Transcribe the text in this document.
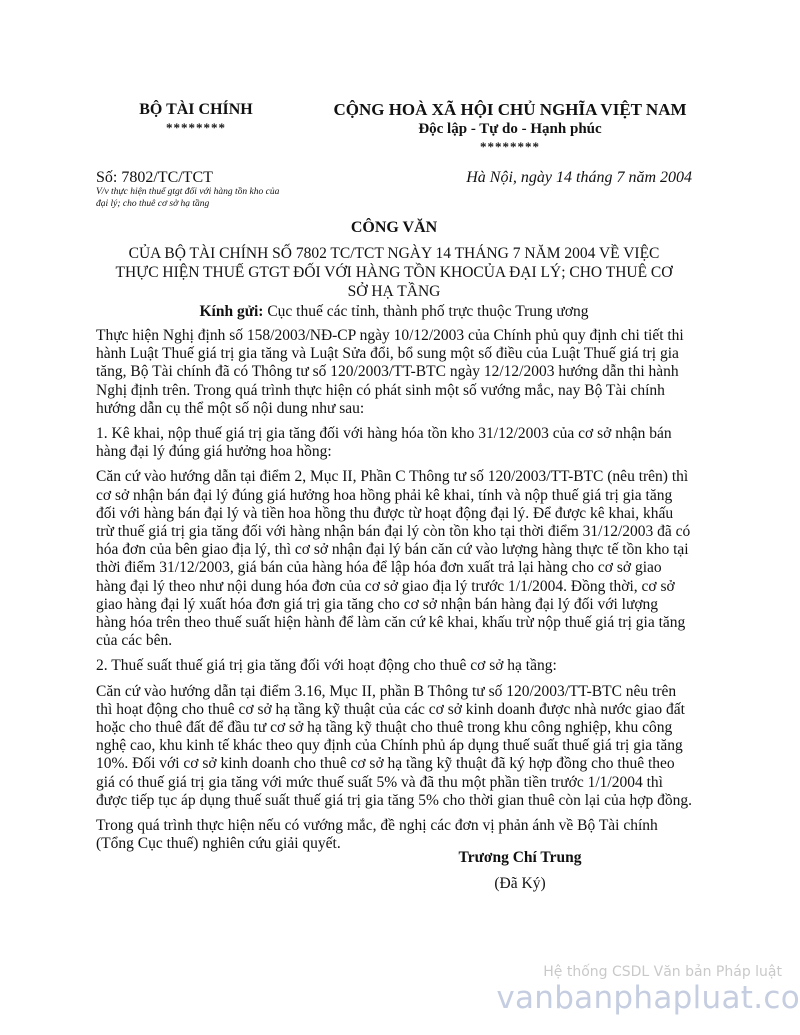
BỘ TÀI CHÍNH
********
CỘNG HOÀ XÃ HỘI CHỦ NGHĨA VIỆT NAM
Độc lập - Tự do - Hạnh phúc
********
Số: 7802/TC/TCT
V/v thực hiện thuế gtgt đối với hàng tồn kho của
đại lý; cho thuê cơ sở hạ tầng
Hà Nội, ngày 14 tháng 7 năm 2004
CÔNG VĂN
CỦA BỘ TÀI CHÍNH SỐ 7802 TC/TCT NGÀY 14 THÁNG 7 NĂM 2004 VỀ VIỆC THỰC HIỆN THUẾ GTGT ĐỐI VỚI HÀNG TỒN KHOCỦA ĐẠI LÝ; CHO THUÊ CƠ SỞ HẠ TẦNG
Kính gửi: Cục thuế các tỉnh, thành phố trực thuộc Trung ương

Thực hiện Nghị định số 158/2003/NĐ-CP ngày 10/12/2003 của Chính phủ quy định chi tiết thi hành Luật Thuế giá trị gia tăng và Luật Sửa đổi, bổ sung một số điều của Luật Thuế giá trị gia tăng, Bộ Tài chính đã có Thông tư số 120/2003/TT-BTC ngày 12/12/2003 hướng dẫn thi hành Nghị định trên. Trong quá trình thực hiện có phát sinh một số vướng mắc, nay Bộ Tài chính hướng dẫn cụ thể một số nội dung như sau:

1. Kê khai, nộp thuế giá trị gia tăng đối với hàng hóa tồn kho 31/12/2003 của cơ sở nhận bán hàng đại lý đúng giá hưởng hoa hồng:

Căn cứ vào hướng dẫn tại điểm 2, Mục II, Phần C Thông tư số 120/2003/TT-BTC (nêu trên) thì cơ sở nhận bán đại lý đúng giá hưởng hoa hồng phải kê khai, tính và nộp thuế giá trị gia tăng đối với hàng bán đại lý và tiền hoa hồng thu được từ hoạt động đại lý. Để được kê khai, khấu trừ thuế giá trị gia tăng đối với hàng nhận bán đại lý còn tồn kho tại thời điểm 31/12/2003 đã có hóa đơn của bên giao địa lý, thì cơ sở nhận đại lý bán căn cứ vào lượng hàng thực tế tồn kho tại thời điểm 31/12/2003, giá bán của hàng hóa để lập hóa đơn xuất trả lại hàng cho cơ sở giao hàng đại lý theo như nội dung hóa đơn của cơ sở giao địa lý trước 1/1/2004. Đồng thời, cơ sở giao hàng đại lý xuất hóa đơn giá trị gia tăng cho cơ sở nhận bán hàng đại lý đối với lượng hàng hóa trên theo thuế suất hiện hành để làm căn cứ kê khai, khấu trừ nộp thuế giá trị gia tăng của các bên.

2. Thuế suất thuế giá trị gia tăng đối với hoạt động cho thuê cơ sở hạ tầng:

Căn cứ vào hướng dẫn tại điểm 3.16, Mục II, phần B Thông tư số 120/2003/TT-BTC nêu trên thì hoạt động cho thuê cơ sở hạ tầng kỹ thuật của các cơ sở kinh doanh được nhà nước giao đất hoặc cho thuê đất để đầu tư cơ sở hạ tầng kỹ thuật cho thuê trong khu công nghiệp, khu công nghệ cao, khu kinh tế khác theo quy định của Chính phủ áp dụng thuế suất thuế giá trị gia tăng 10%. Đối với cơ sở kinh doanh cho thuê cơ sở hạ tầng kỹ thuật đã ký hợp đồng cho thuê theo giá có thuế giá trị gia tăng với mức thuế suất 5% và đã thu một phần tiền trước 1/1/2004 thì được tiếp tục áp dụng thuế suất thuế giá trị gia tăng 5% cho thời gian thuê còn lại của hợp đồng.

Trong quá trình thực hiện nếu có vướng mắc, đề nghị các đơn vị phản ánh về Bộ Tài chính (Tổng Cục thuế) nghiên cứu giải quyết.

Trương Chí Trung
(Đã Ký)
Hệ thống CSDL Văn bản Pháp luật
vanbanphapluat.co
